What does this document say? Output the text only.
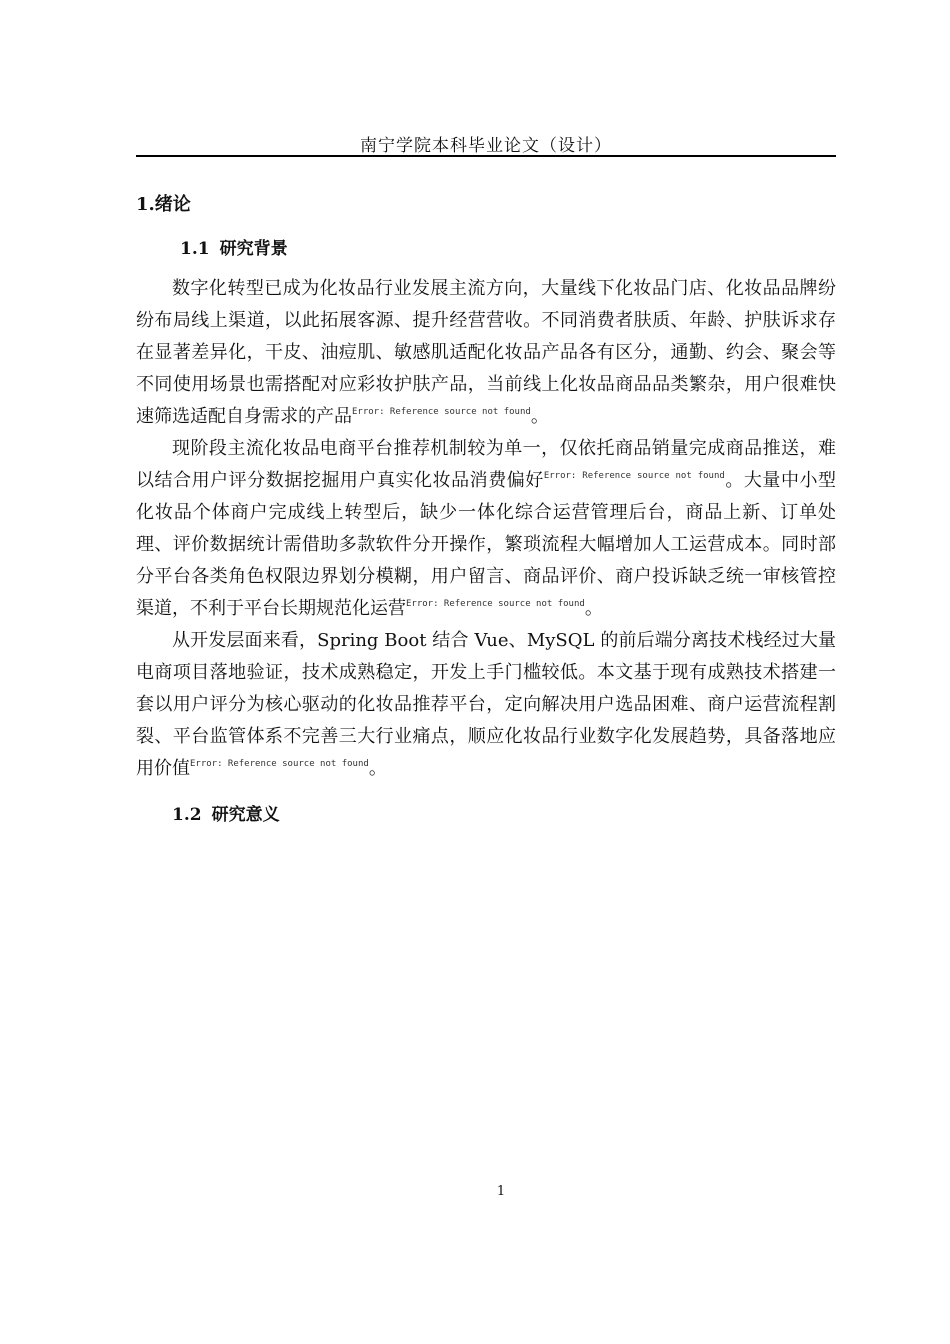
南宁学院本科毕业论文（设计）
1.绪论
1.1 研究背景

数字化转型已成为化妆品行业发展主流方向，大量线下化妆品门店、化妆品品牌纷纷布局线上渠道，以此拓展客源、提升经营营收。不同消费者肤质、年龄、护肤诉求存在显著差异化，干皮、油痘肌、敏感肌适配化妆品产品各有区分，通勤、约会、聚会等不同使用场景也需搭配对应彩妆护肤产品，当前线上化妆品商品品类繁杂，用户很难快速筛选适配自身需求的产品$^{Error: Reference source not found}$。

现阶段主流化妆品电商平台推荐机制较为单一，仅依托商品销量完成商品推送，难以结合用户评分数据挖掘用户真实化妆品消费偏好$^{Error: Reference source not found}$。大量中小型化妆品个体商户完成线上转型后，缺少一体化综合运营管理后台，商品上新、订单处理、评价数据统计需借助多款软件分开操作，繁琐流程大幅增加人工运营成本。同时部分平台各类角色权限边界划分模糊，用户留言、商品评价、商户投诉缺乏统一审核管控渠道，不利于平台长期规范化运营$^{Error: Reference source not found}$。

从开发层面来看，Spring Boot 结合 Vue、MySQL 的前后端分离技术栈经过大量电商项目落地验证，技术成熟稳定，开发上手门槛较低。本文基于现有成熟技术搭建一套以用户评分为核心驱动的化妆品推荐平台，定向解决用户选品困难、商户运营流程割裂、平台监管体系不完善三大行业痛点，顺应化妆品行业数字化发展趋势，具备落地应用价值$^{Error: Reference source not found}$。

1.2 研究意义
1
